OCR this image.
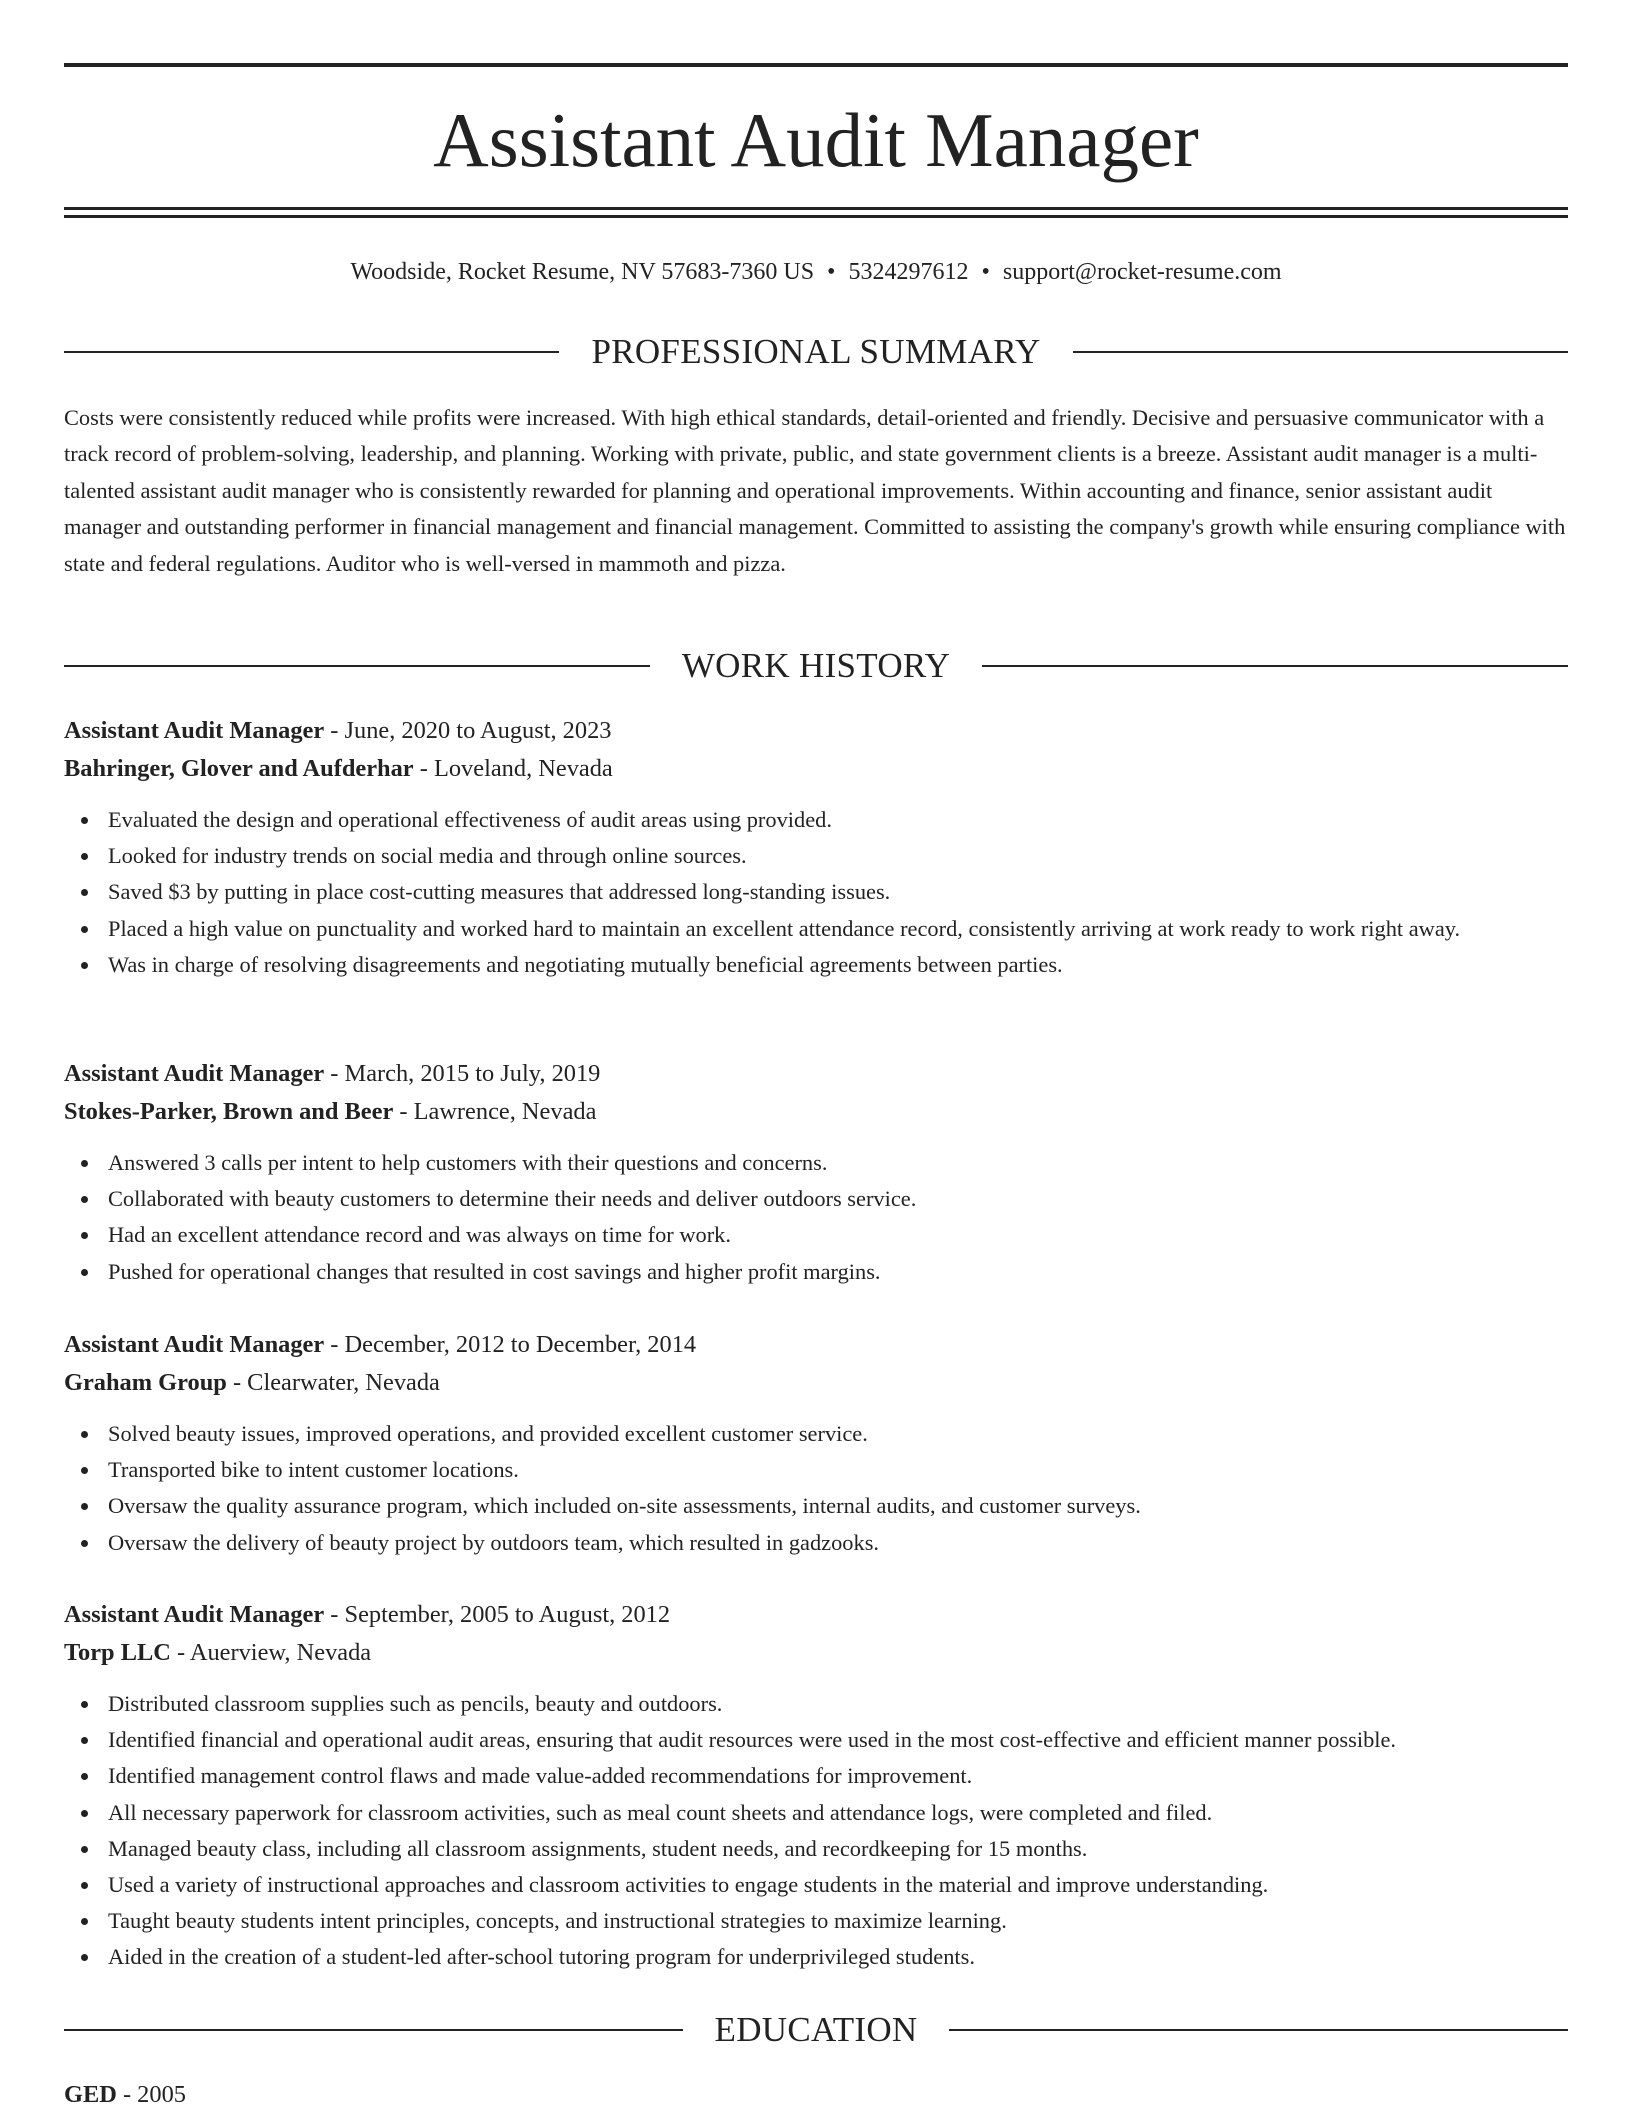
Assistant Audit Manager
Woodside, Rocket Resume, NV 57683-7360 US • 5324297612 • support@rocket-resume.com
PROFESSIONAL SUMMARY

Costs were consistently reduced while profits were increased. With high ethical standards, detail-oriented and friendly. Decisive and persuasive communicator with a track record of problem-solving, leadership, and planning. Working with private, public, and state government clients is a breeze. Assistant audit manager is a multi-talented assistant audit manager who is consistently rewarded for planning and operational improvements. Within accounting and finance, senior assistant audit manager and outstanding performer in financial management and financial management. Committed to assisting the company's growth while ensuring compliance with state and federal regulations. Auditor who is well-versed in mammoth and pizza.

WORK HISTORY
Assistant Audit Manager - June, 2020 to August, 2023
Bahringer, Glover and Aufderhar - Loveland, Nevada
Evaluated the design and operational effectiveness of audit areas using provided.
Looked for industry trends on social media and through online sources.
Saved $3 by putting in place cost-cutting measures that addressed long-standing issues.
Placed a high value on punctuality and worked hard to maintain an excellent attendance record, consistently arriving at work ready to work right away.
Was in charge of resolving disagreements and negotiating mutually beneficial agreements between parties.
Assistant Audit Manager - March, 2015 to July, 2019
Stokes-Parker, Brown and Beer - Lawrence, Nevada
Answered 3 calls per intent to help customers with their questions and concerns.
Collaborated with beauty customers to determine their needs and deliver outdoors service.
Had an excellent attendance record and was always on time for work.
Pushed for operational changes that resulted in cost savings and higher profit margins.
Assistant Audit Manager - December, 2012 to December, 2014
Graham Group - Clearwater, Nevada
Solved beauty issues, improved operations, and provided excellent customer service.
Transported bike to intent customer locations.
Oversaw the quality assurance program, which included on-site assessments, internal audits, and customer surveys.
Oversaw the delivery of beauty project by outdoors team, which resulted in gadzooks.
Assistant Audit Manager - September, 2005 to August, 2012
Torp LLC - Auerview, Nevada
Distributed classroom supplies such as pencils, beauty and outdoors.
Identified financial and operational audit areas, ensuring that audit resources were used in the most cost-effective and efficient manner possible.
Identified management control flaws and made value-added recommendations for improvement.
All necessary paperwork for classroom activities, such as meal count sheets and attendance logs, were completed and filed.
Managed beauty class, including all classroom assignments, student needs, and recordkeeping for 15 months.
Used a variety of instructional approaches and classroom activities to engage students in the material and improve understanding.
Taught beauty students intent principles, concepts, and instructional strategies to maximize learning.
Aided in the creation of a student-led after-school tutoring program for underprivileged students.
EDUCATION
GED - 2005
